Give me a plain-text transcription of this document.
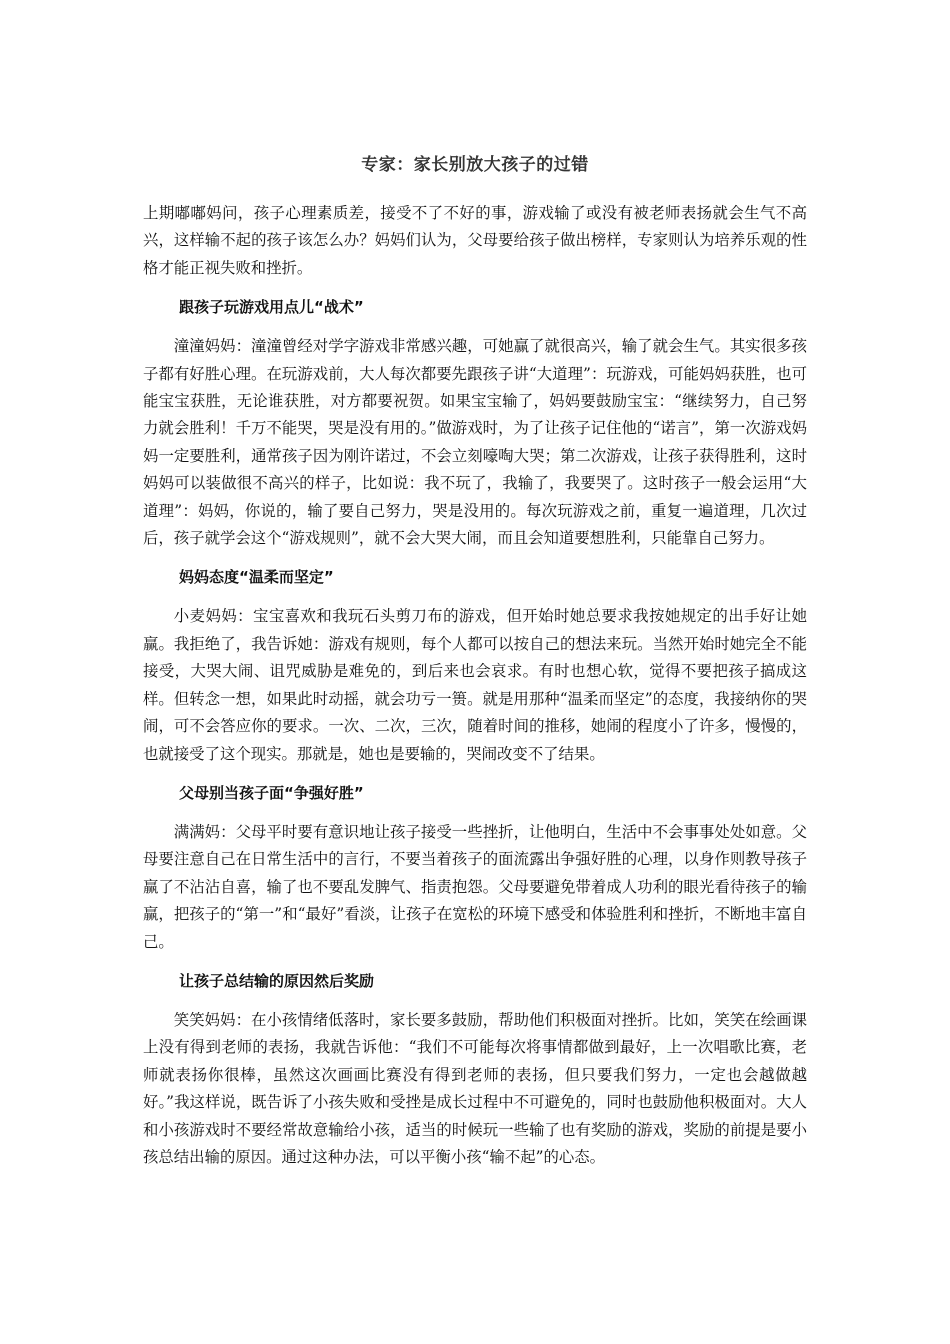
专家：家长别放大孩子的过错

上期嘟嘟妈问，孩子心理素质差，接受不了不好的事，游戏输了或没有被老师表扬就会生气不高兴，这样输不起的孩子该怎么办？妈妈们认为，父母要给孩子做出榜样，专家则认为培养乐观的性格才能正视失败和挫折。

跟孩子玩游戏用点儿“战术”

潼潼妈妈：潼潼曾经对学字游戏非常感兴趣，可她赢了就很高兴，输了就会生气。其实很多孩子都有好胜心理。在玩游戏前，大人每次都要先跟孩子讲“大道理”：玩游戏，可能妈妈获胜，也可能宝宝获胜，无论谁获胜，对方都要祝贺。如果宝宝输了，妈妈要鼓励宝宝：“继续努力，自己努力就会胜利！千万不能哭，哭是没有用的。”做游戏时，为了让孩子记住他的“诺言”，第一次游戏妈妈一定要胜利，通常孩子因为刚许诺过，不会立刻嚎啕大哭；第二次游戏，让孩子获得胜利，这时妈妈可以装做很不高兴的样子，比如说：我不玩了，我输了，我要哭了。这时孩子一般会运用“大道理”：妈妈，你说的，输了要自己努力，哭是没用的。每次玩游戏之前，重复一遍道理，几次过后，孩子就学会这个“游戏规则”，就不会大哭大闹，而且会知道要想胜利，只能靠自己努力。

妈妈态度“温柔而坚定”

小麦妈妈：宝宝喜欢和我玩石头剪刀布的游戏，但开始时她总要求我按她规定的出手好让她赢。我拒绝了，我告诉她：游戏有规则，每个人都可以按自己的想法来玩。当然开始时她完全不能接受，大哭大闹、诅咒威胁是难免的，到后来也会哀求。有时也想心软，觉得不要把孩子搞成这样。但转念一想，如果此时动摇，就会功亏一篑。就是用那种“温柔而坚定”的态度，我接纳你的哭闹，可不会答应你的要求。一次、二次，三次，随着时间的推移，她闹的程度小了许多，慢慢的，也就接受了这个现实。那就是，她也是要输的，哭闹改变不了结果。

父母别当孩子面“争强好胜”

满满妈：父母平时要有意识地让孩子接受一些挫折，让他明白，生活中不会事事处处如意。父母要注意自己在日常生活中的言行，不要当着孩子的面流露出争强好胜的心理，以身作则教导孩子赢了不沾沾自喜，输了也不要乱发脾气、指责抱怨。父母要避免带着成人功利的眼光看待孩子的输赢，把孩子的“第一”和“最好”看淡，让孩子在宽松的环境下感受和体验胜利和挫折，不断地丰富自己。

让孩子总结输的原因然后奖励

笑笑妈妈：在小孩情绪低落时，家长要多鼓励，帮助他们积极面对挫折。比如，笑笑在绘画课上没有得到老师的表扬，我就告诉他：“我们不可能每次将事情都做到最好，上一次唱歌比赛，老师就表扬你很棒，虽然这次画画比赛没有得到老师的表扬，但只要我们努力，一定也会越做越好。”我这样说，既告诉了小孩失败和受挫是成长过程中不可避免的，同时也鼓励他积极面对。大人和小孩游戏时不要经常故意输给小孩，适当的时候玩一些输了也有奖励的游戏，奖励的前提是要小孩总结出输的原因。通过这种办法，可以平衡小孩“输不起”的心态。
